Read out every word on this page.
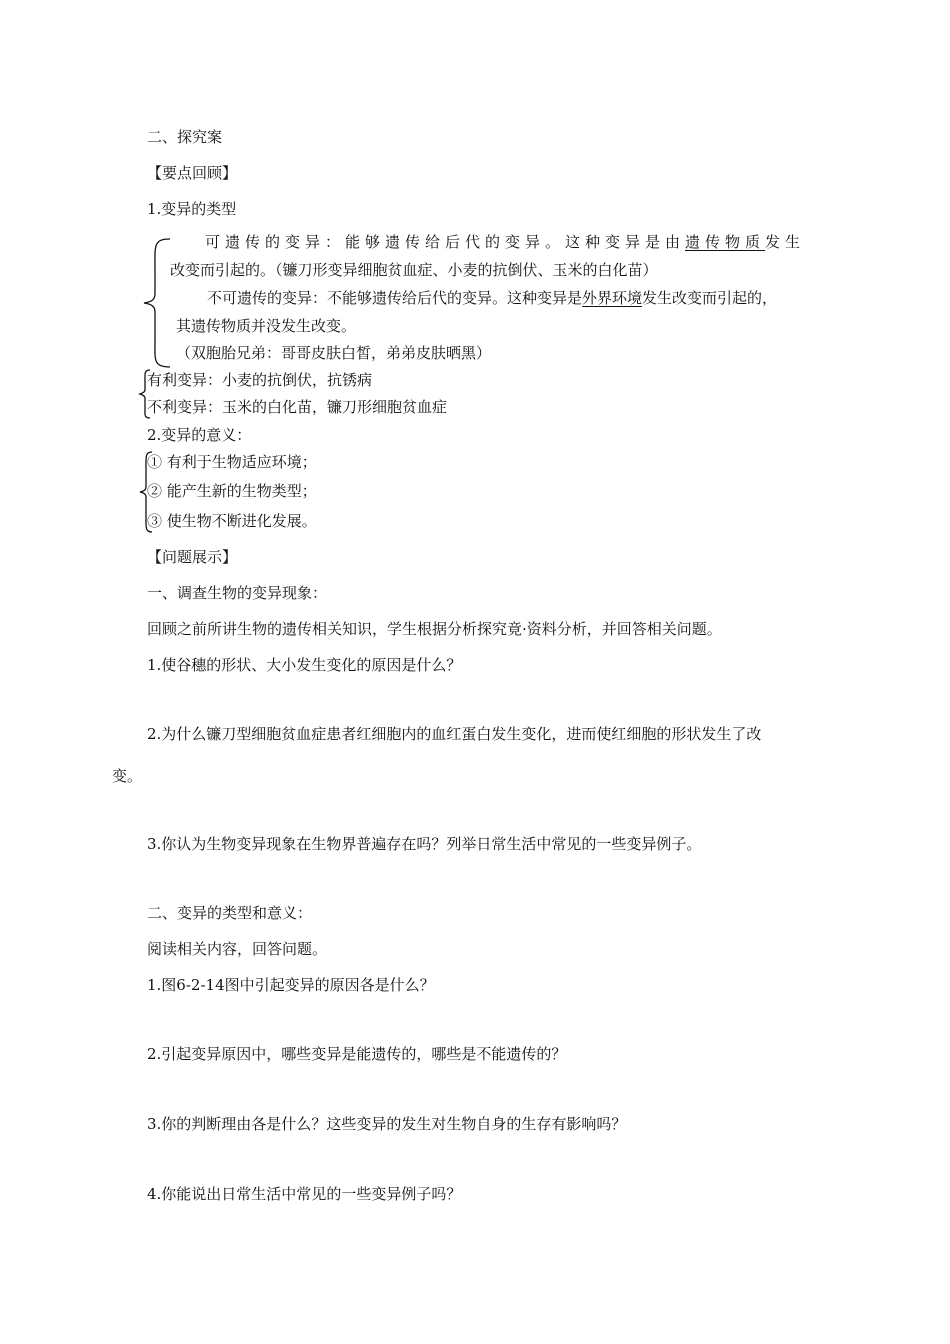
二、探究案
【要点回顾】
1.变异的类型
可遗传的变异：能够遗传给后代的变异。这种变异是由遗传物质发生
改变而引起的。（镰刀形变异细胞贫血症、小麦的抗倒伏、玉米的白化苗）
不可遗传的变异：不能够遗传给后代的变异。这种变异是外界环境发生改变而引起的，
其遗传物质并没发生改变。
（双胞胎兄弟：哥哥皮肤白皙，弟弟皮肤晒黑）
有利变异：小麦的抗倒伏，抗锈病
不利变异：玉米的白化苗，镰刀形细胞贫血症
2.变异的意义：
① 有利于生物适应环境；
② 能产生新的生物类型；
③ 使生物不断进化发展。
【问题展示】
一、调查生物的变异现象：
回顾之前所讲生物的遗传相关知识，学生根据分析探究竟·资料分析，并回答相关问题。
1.使谷穗的形状、大小发生变化的原因是什么？
2.为什么镰刀型细胞贫血症患者红细胞内的血红蛋白发生变化，进而使红细胞的形状发生了改
变。
3.你认为生物变异现象在生物界普遍存在吗？列举日常生活中常见的一些变异例子。
二、变异的类型和意义：
阅读相关内容，回答问题。
1.图6-2-14图中引起变异的原因各是什么？
2.引起变异原因中，哪些变异是能遗传的，哪些是不能遗传的？
3.你的判断理由各是什么？这些变异的发生对生物自身的生存有影响吗？
4.你能说出日常生活中常见的一些变异例子吗？
